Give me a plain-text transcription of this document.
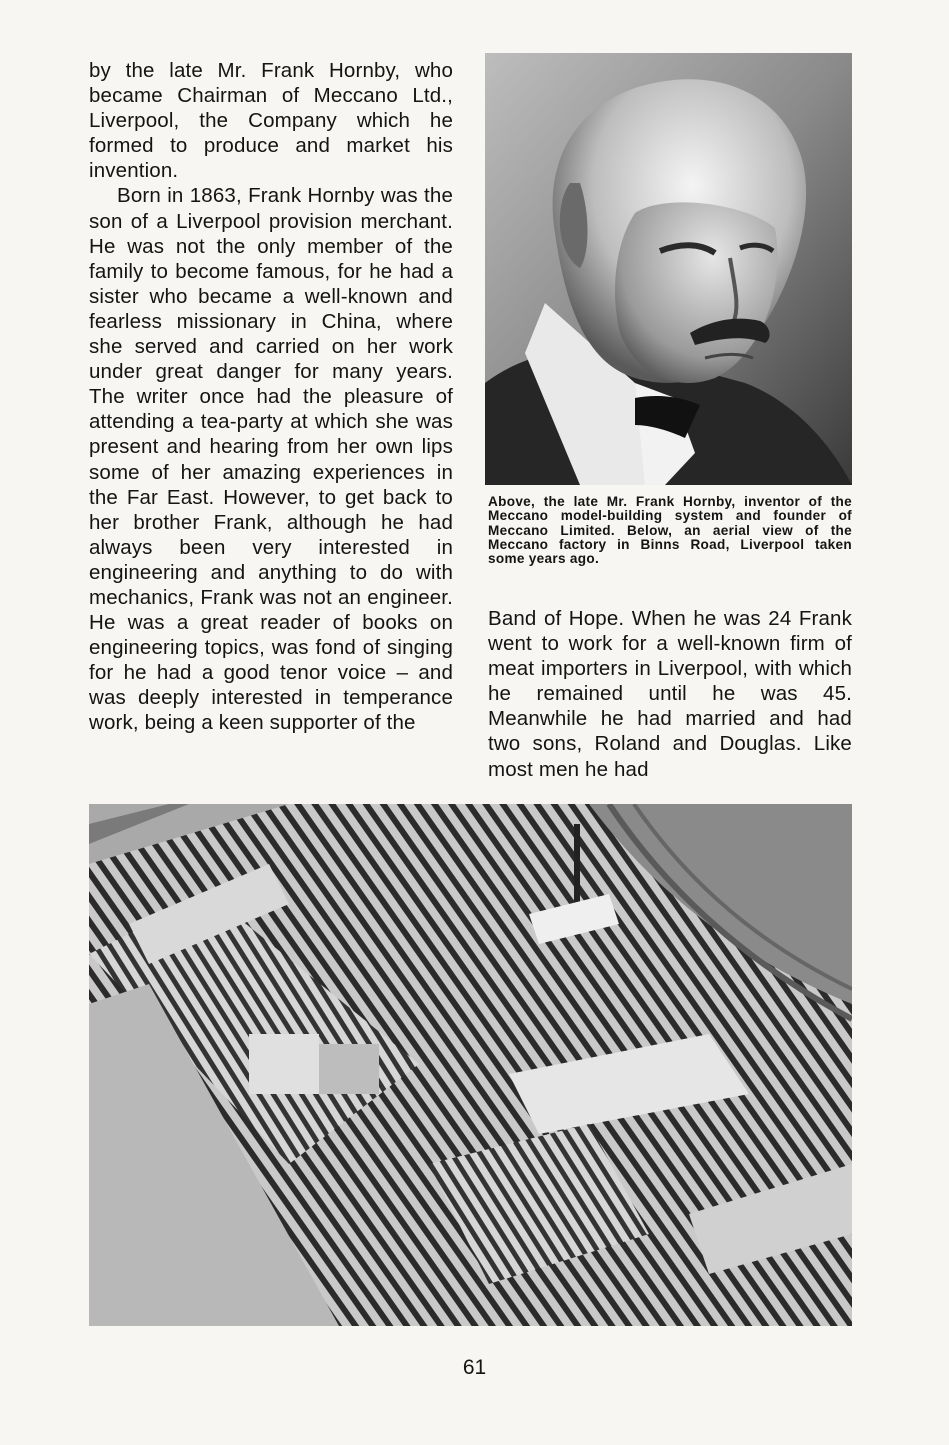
by the late Mr. Frank Hornby, who became Chairman of Meccano Ltd., Liverpool, the Company which he formed to produce and market his invention.

Born in 1863, Frank Hornby was the son of a Liverpool provision merchant. He was not the only member of the family to become famous, for he had a sister who became a well-known and fearless missionary in China, where she served and carried on her work under great danger for many years. The writer once had the pleasure of attending a tea-party at which she was present and hearing from her own lips some of her amazing experiences in the Far East. However, to get back to her brother Frank, although he had always been very interested in engineering and anything to do with mechanics, Frank was not an engineer. He was a great reader of books on engineering topics, was fond of singing for he had a good tenor voice – and was deeply interested in temperance work, being a keen supporter of the

Above, the late Mr. Frank Hornby, inventor of the Meccano model-building system and founder of Meccano Limited. Below, an aerial view of the Meccano factory in Binns Road, Liverpool taken some years ago.

Band of Hope. When he was 24 Frank went to work for a well-known firm of meat importers in Liverpool, with which he remained until he was 45. Meanwhile he had married and had two sons, Roland and Douglas. Like most men he had

61
